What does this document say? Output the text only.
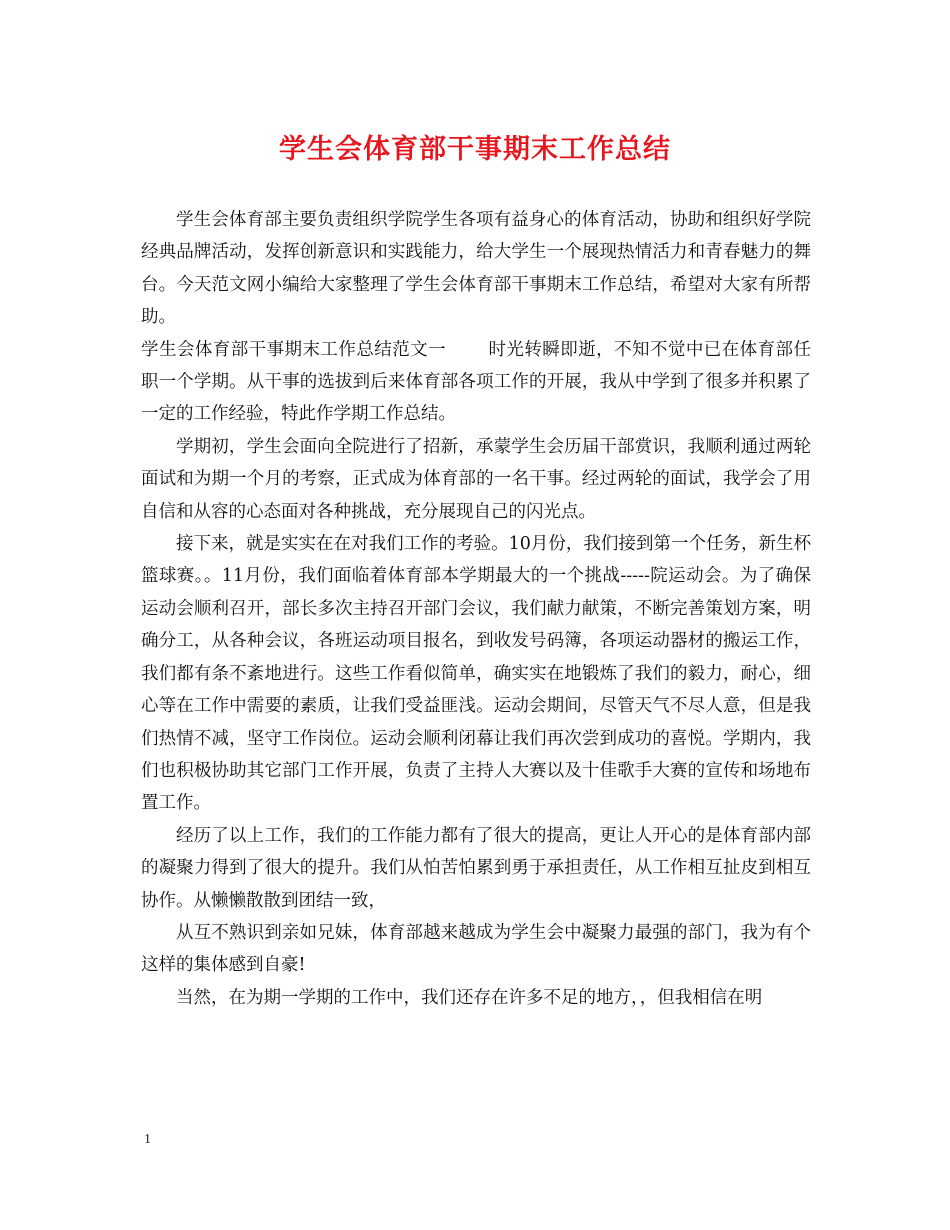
学生会体育部干事期末工作总结

学生会体育部主要负责组织学院学生各项有益身心的体育活动，协助和组织好学院经典品牌活动，发挥创新意识和实践能力，给大学生一个展现热情活力和青春魅力的舞台。今天范文网小编给大家整理了学生会体育部干事期末工作总结，希望对大家有所帮助。

学生会体育部干事期末工作总结范文一 时光转瞬即逝，不知不觉中已在体育部任职一个学期。从干事的选拔到后来体育部各项工作的开展，我从中学到了很多并积累了一定的工作经验，特此作学期工作总结。

学期初，学生会面向全院进行了招新，承蒙学生会历届干部赏识，我顺利通过两轮面试和为期一个月的考察，正式成为体育部的一名干事。经过两轮的面试，我学会了用自信和从容的心态面对各种挑战，充分展现自己的闪光点。

接下来，就是实实在在对我们工作的考验。10月份，我们接到第一个任务，新生杯篮球赛。。11月份，我们面临着体育部本学期最大的一个挑战-----院运动会。为了确保运动会顺利召开，部长多次主持召开部门会议，我们献力献策，不断完善策划方案，明确分工，从各种会议，各班运动项目报名，到收发号码簿，各项运动器材的搬运工作，我们都有条不紊地进行。这些工作看似简单，确实实在地锻炼了我们的毅力，耐心，细心等在工作中需要的素质，让我们受益匪浅。运动会期间，尽管天气不尽人意，但是我们热情不减，坚守工作岗位。运动会顺利闭幕让我们再次尝到成功的喜悦。学期内，我们也积极协助其它部门工作开展，负责了主持人大赛以及十佳歌手大赛的宣传和场地布置工作。

经历了以上工作，我们的工作能力都有了很大的提高，更让人开心的是体育部内部的凝聚力得到了很大的提升。我们从怕苦怕累到勇于承担责任，从工作相互扯皮到相互协作。从懒懒散散到团结一致，

从互不熟识到亲如兄妹，体育部越来越成为学生会中凝聚力最强的部门，我为有个这样的集体感到自豪!

当然，在为期一学期的工作中，我们还存在许多不足的地方，，但我相信在明

1
